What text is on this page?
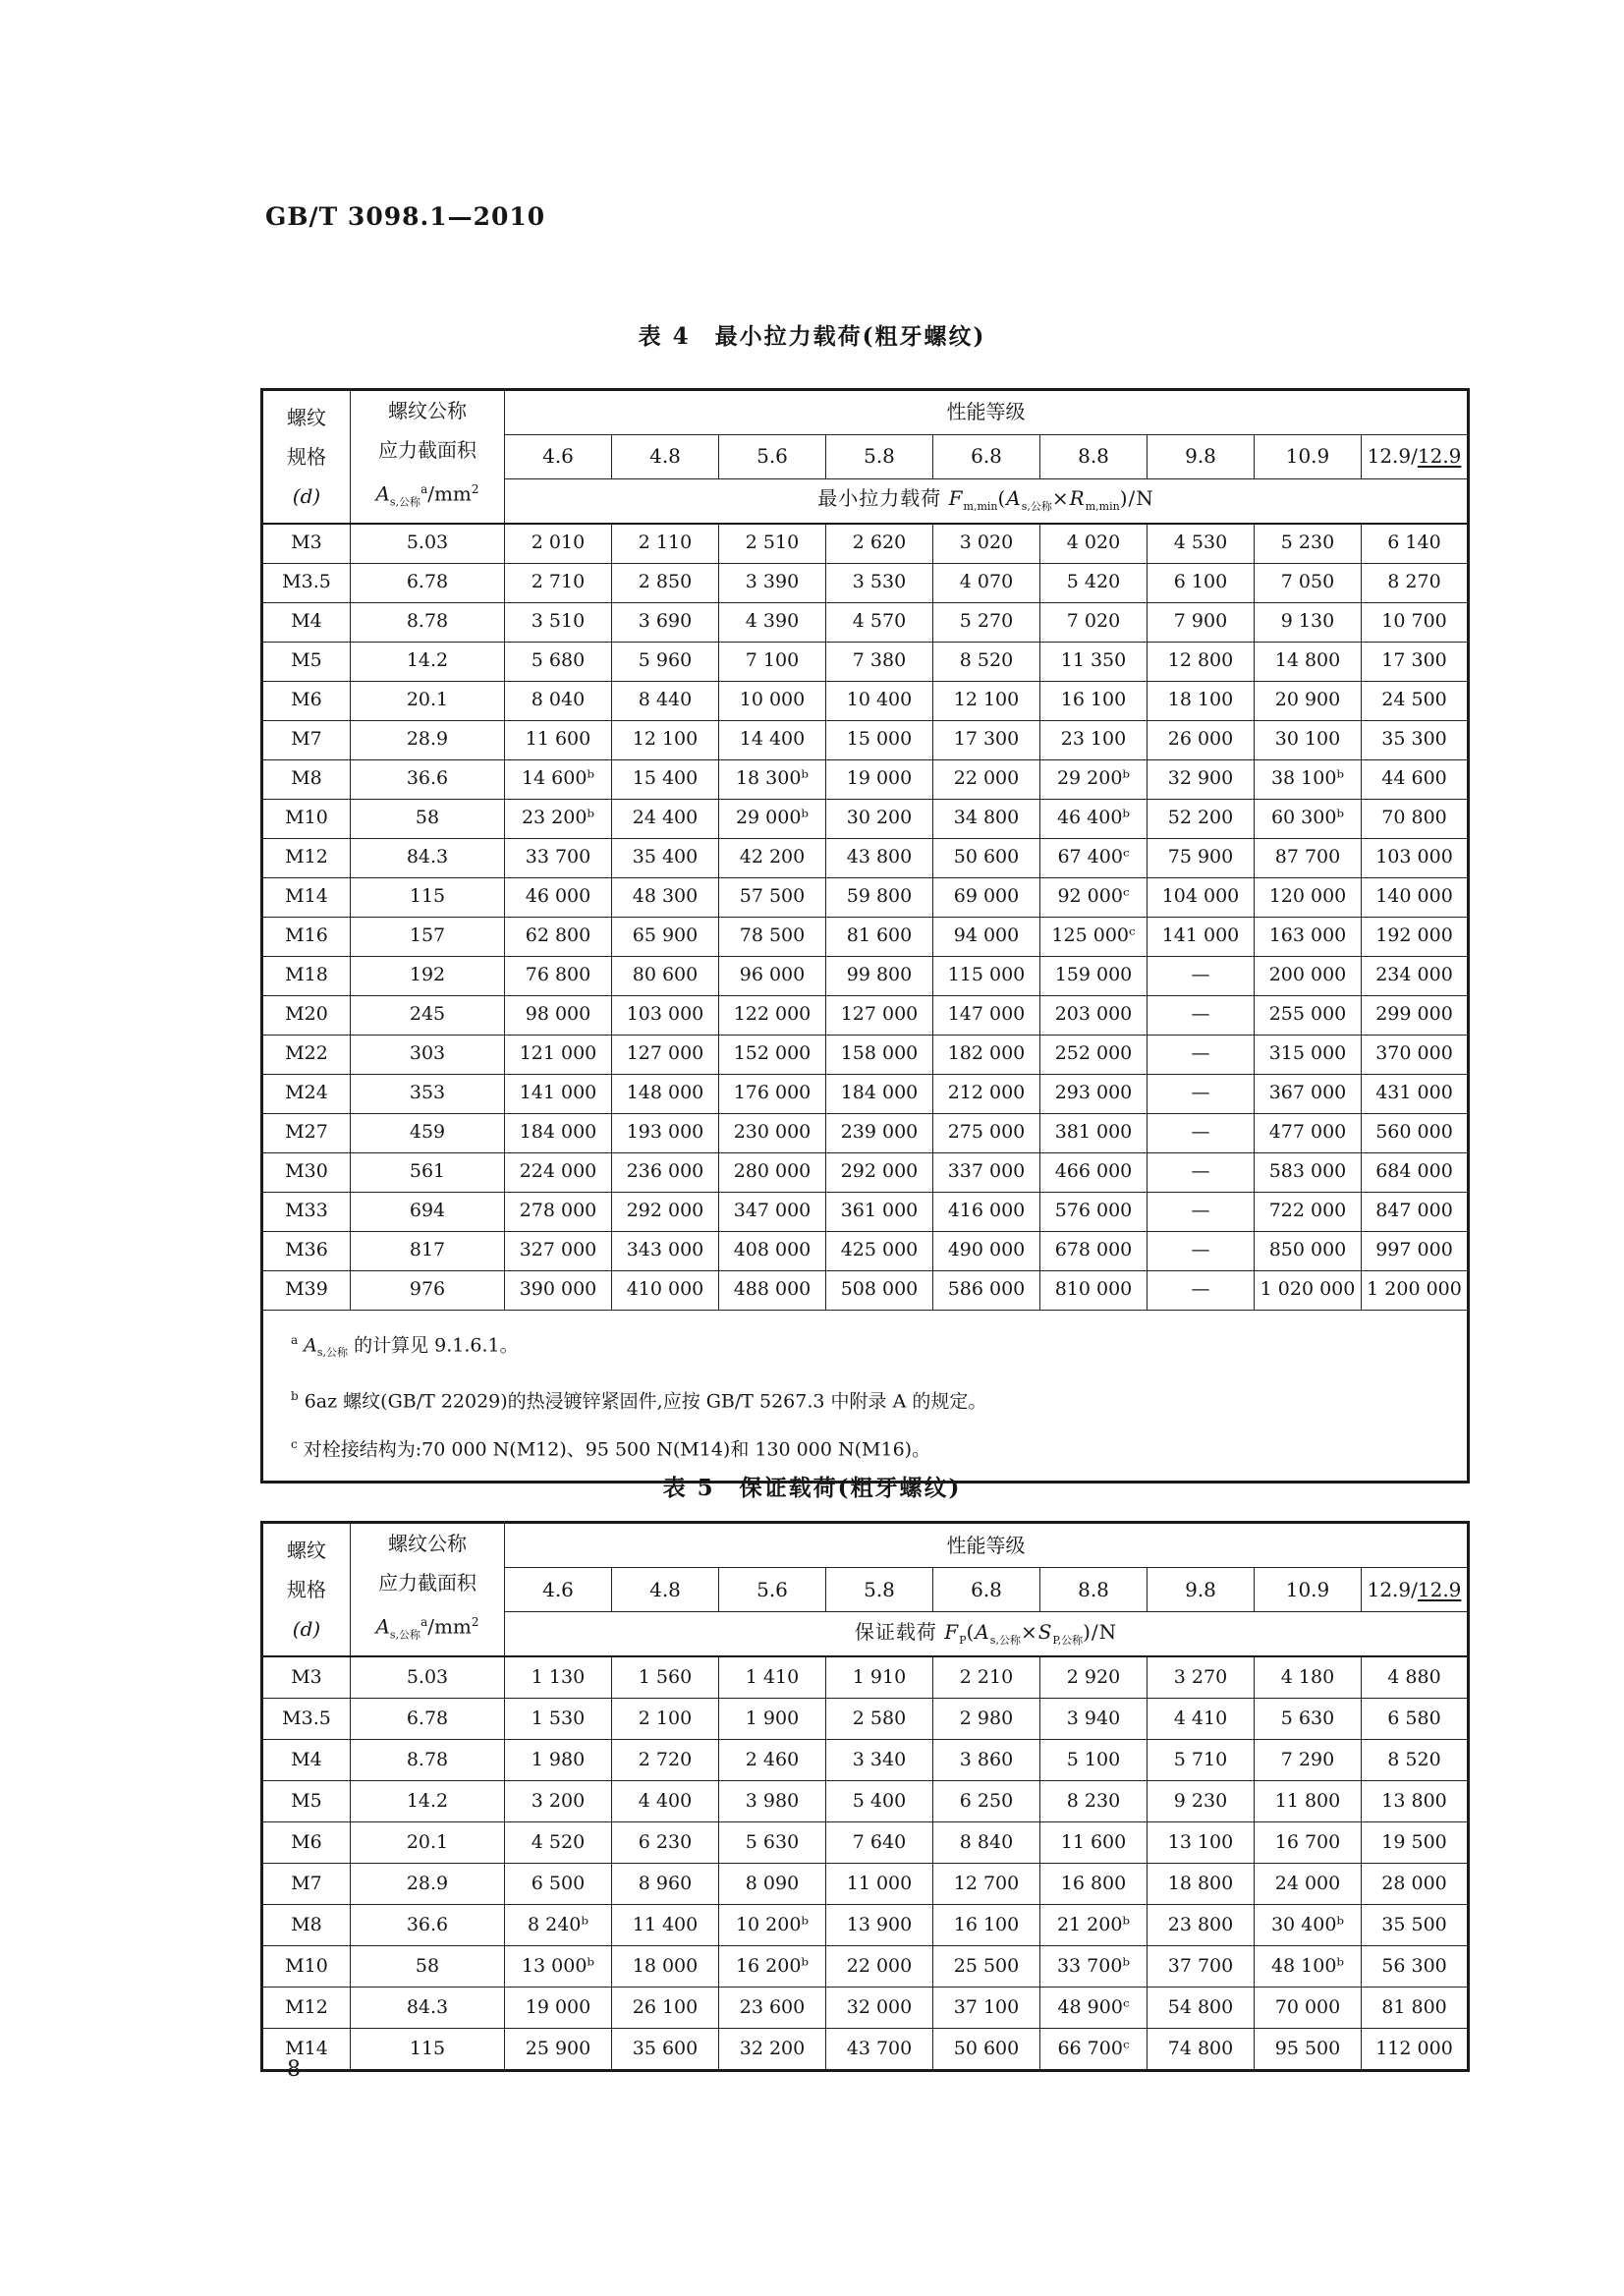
GB/T 3098.1—2010
表 4　最小拉力载荷(粗牙螺纹)
螺纹
规格
(d)	螺纹公称
应力截面积
$A_{s,公称}^a/mm^2$	性能等级								
		4.6	4.8	5.6	5.8	6.8	8.8	9.8	10.9	12.9/12.9
		最小拉力载荷 $F_{m,min}(A_{s,公称}\times R_{m,min})/N$								
M3	5.03	2 010	2 110	2 510	2 620	3 020	4 020	4 530	5 230	6 140
M3.5	6.78	2 710	2 850	3 390	3 530	4 070	5 420	6 100	7 050	8 270
M4	8.78	3 510	3 690	4 390	4 570	5 270	7 020	7 900	9 130	10 700
M5	14.2	5 680	5 960	7 100	7 380	8 520	11 350	12 800	14 800	17 300
M6	20.1	8 040	8 440	10 000	10 400	12 100	16 100	18 100	20 900	24 500
M7	28.9	11 600	12 100	14 400	15 000	17 300	23 100	26 000	30 100	35 300
M8	36.6	14 600ᵇ	15 400	18 300ᵇ	19 000	22 000	29 200ᵇ	32 900	38 100ᵇ	44 600
M10	58	23 200ᵇ	24 400	29 000ᵇ	30 200	34 800	46 400ᵇ	52 200	60 300ᵇ	70 800
M12	84.3	33 700	35 400	42 200	43 800	50 600	67 400ᶜ	75 900	87 700	103 000
M14	115	46 000	48 300	57 500	59 800	69 000	92 000ᶜ	104 000	120 000	140 000
M16	157	62 800	65 900	78 500	81 600	94 000	125 000ᶜ	141 000	163 000	192 000
M18	192	76 800	80 600	96 000	99 800	115 000	159 000	—	200 000	234 000
M20	245	98 000	103 000	122 000	127 000	147 000	203 000	—	255 000	299 000
M22	303	121 000	127 000	152 000	158 000	182 000	252 000	—	315 000	370 000
M24	353	141 000	148 000	176 000	184 000	212 000	293 000	—	367 000	431 000
M27	459	184 000	193 000	230 000	239 000	275 000	381 000	—	477 000	560 000
M30	561	224 000	236 000	280 000	292 000	337 000	466 000	—	583 000	684 000
M33	694	278 000	292 000	347 000	361 000	416 000	576 000	—	722 000	847 000
M36	817	327 000	343 000	408 000	425 000	490 000	678 000	—	850 000	997 000
M39	976	390 000	410 000	488 000	508 000	586 000	810 000	—	1 020 000	1 200 000

$^a$ $A_{s,公称}$ 的计算见 9.1.6.1。
$^b$ 6az 螺纹(GB/T 22029)的热浸镀锌紧固件,应按 GB/T 5267.3 中附录 A 的规定。
$^c$ 对栓接结构为:70 000 N(M12)、95 500 N(M14)和 130 000 N(M16)。										
表 5　保证载荷(粗牙螺纹)
螺纹
规格
(d)	螺纹公称
应力截面积
$A_{s,公称}^a/mm^2$	性能等级								
		4.6	4.8	5.6	5.8	6.8	8.8	9.8	10.9	12.9/12.9
		保证载荷 $F_P(A_{s,公称}\times S_{P,公称})/N$								
M3	5.03	1 130	1 560	1 410	1 910	2 210	2 920	3 270	4 180	4 880
M3.5	6.78	1 530	2 100	1 900	2 580	2 980	3 940	4 410	5 630	6 580
M4	8.78	1 980	2 720	2 460	3 340	3 860	5 100	5 710	7 290	8 520
M5	14.2	3 200	4 400	3 980	5 400	6 250	8 230	9 230	11 800	13 800
M6	20.1	4 520	6 230	5 630	7 640	8 840	11 600	13 100	16 700	19 500
M7	28.9	6 500	8 960	8 090	11 000	12 700	16 800	18 800	24 000	28 000
M8	36.6	8 240ᵇ	11 400	10 200ᵇ	13 900	16 100	21 200ᵇ	23 800	30 400ᵇ	35 500
M10	58	13 000ᵇ	18 000	16 200ᵇ	22 000	25 500	33 700ᵇ	37 700	48 100ᵇ	56 300
M12	84.3	19 000	26 100	23 600	32 000	37 100	48 900ᶜ	54 800	70 000	81 800
M14	115	25 900	35 600	32 200	43 700	50 600	66 700ᶜ	74 800	95 500	112 000
8
